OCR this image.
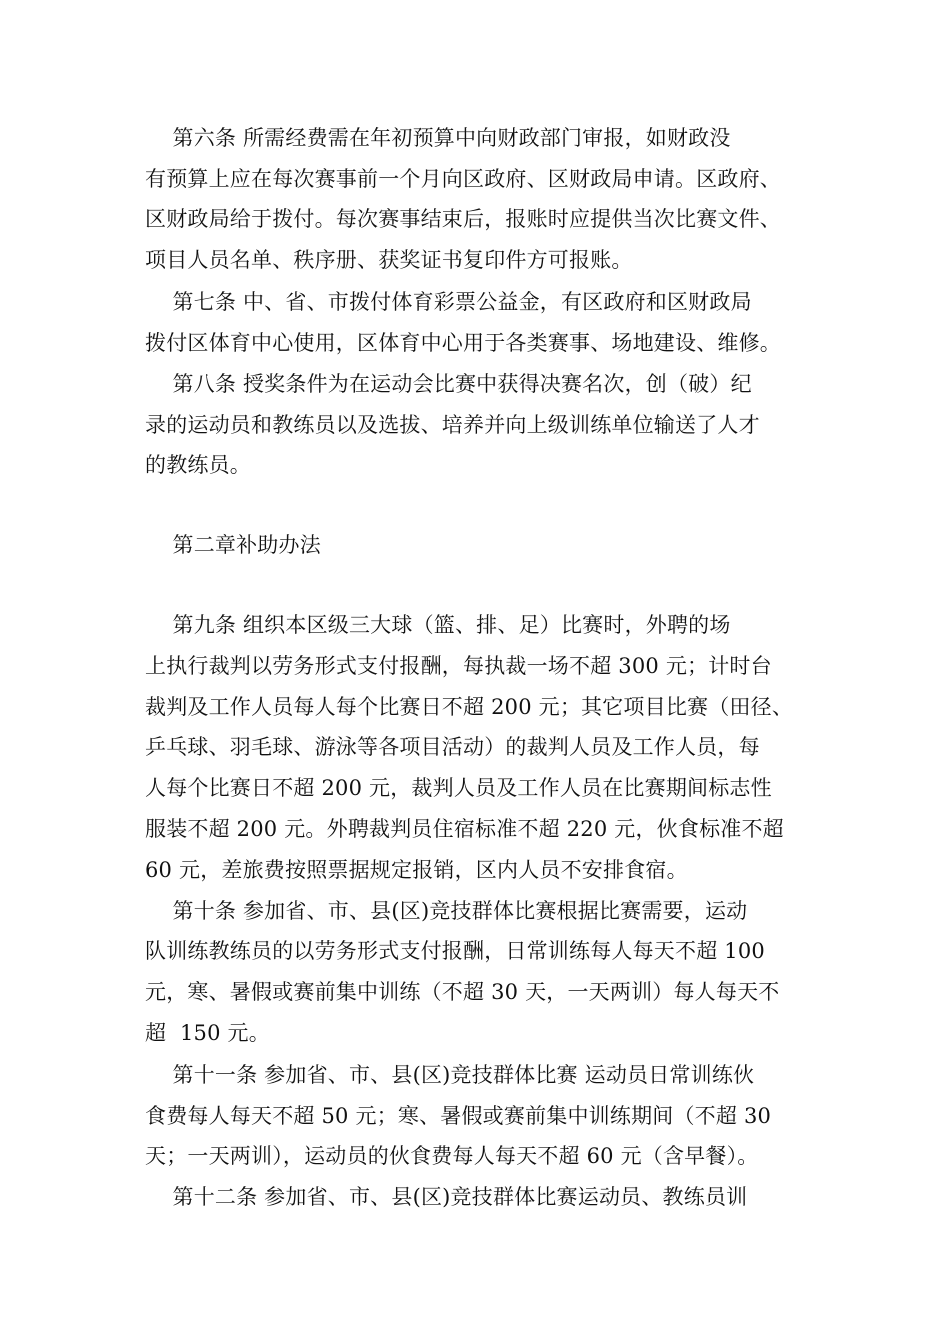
第六条 所需经费需在年初预算中向财政部门审报，如财政没
有预算上应在每次赛事前一个月向区政府、区财政局申请。区政府、
区财政局给于拨付。每次赛事结束后，报账时应提供当次比赛文件、
项目人员名单、秩序册、获奖证书复印件方可报账。
第七条 中、省、市拨付体育彩票公益金，有区政府和区财政局
拨付区体育中心使用，区体育中心用于各类赛事、场地建设、维修。
第八条 授奖条件为在运动会比赛中获得决赛名次，创（破）纪
录的运动员和教练员以及选拔、培养并向上级训练单位输送了人才
的教练员。
第二章补助办法
第九条 组织本区级三大球（篮、排、足）比赛时，外聘的场
上执行裁判以劳务形式支付报酬，每执裁一场不超 300 元；计时台
裁判及工作人员每人每个比赛日不超 200 元；其它项目比赛（田径、
乒乓球、羽毛球、游泳等各项目活动）的裁判人员及工作人员，每
人每个比赛日不超 200 元，裁判人员及工作人员在比赛期间标志性
服装不超 200 元。外聘裁判员住宿标准不超 220 元，伙食标准不超
60 元，差旅费按照票据规定报销，区内人员不安排食宿。
第十条 参加省、市、县(区)竞技群体比赛根据比赛需要，运动
队训练教练员的以劳务形式支付报酬，日常训练每人每天不超 100
元，寒、暑假或赛前集中训练（不超 30 天，一天两训）每人每天不
超  150 元。
第十一条 参加省、市、县(区)竞技群体比赛 运动员日常训练伙
食费每人每天不超 50 元；寒、暑假或赛前集中训练期间（不超 30
天；一天两训），运动员的伙食费每人每天不超 60 元（含早餐）。
第十二条 参加省、市、县(区)竞技群体比赛运动员、教练员训
